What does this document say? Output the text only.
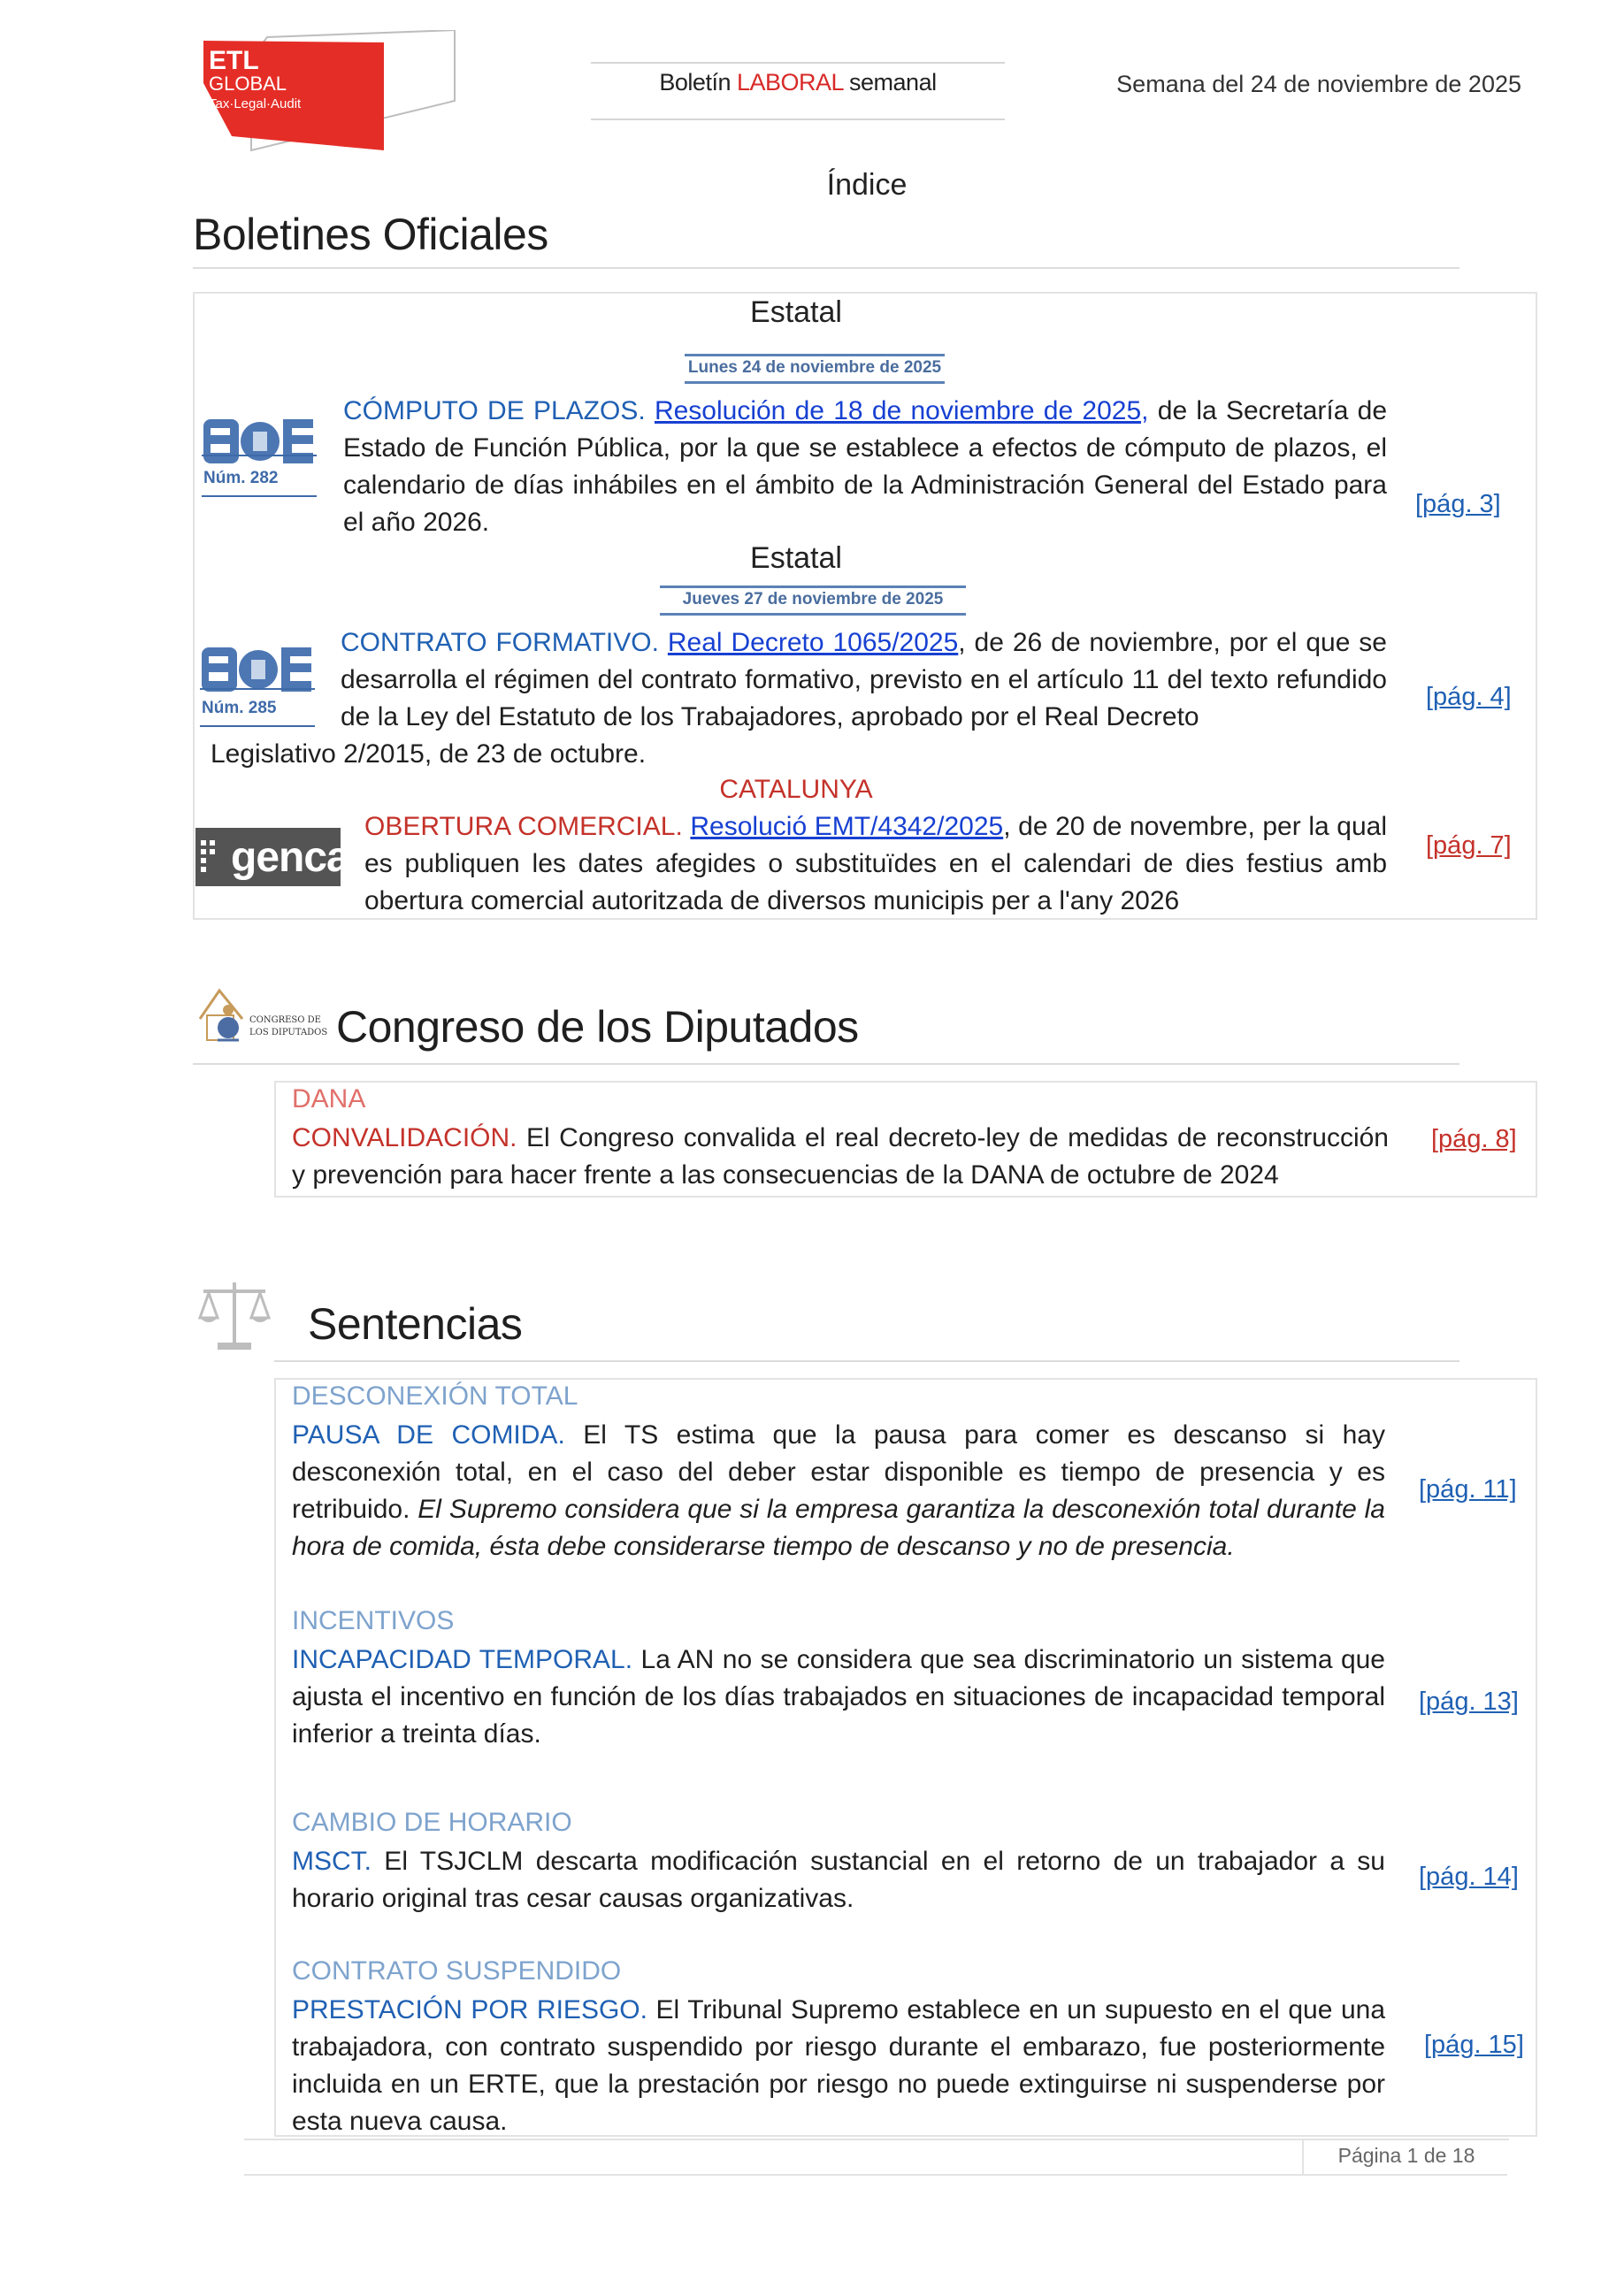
ETL
GLOBAL
Tax·Legal·Audit
Boletín LABORAL semanal	Semana del 24 de noviembre de 2025
Índice
Boletines Oficiales
Estatal
Lunes 24 de noviembre de 2025
Núm. 282
CÓMPUTO DE PLAZOS. Resolución de 18 de noviembre de 2025, de la Secretaría de Estado de Función Pública, por la que se establece a efectos de cómputo de plazos, el calendario de días inhábiles en el ámbito de la Administración General del Estado para el año 2026.
[pág. 3]
Estatal
Jueves 27 de noviembre de 2025
Núm. 285
CONTRATO FORMATIVO. Real Decreto 1065/2025, de 26 de noviembre, por el que se desarrolla el régimen del contrato formativo, previsto en el artículo 11 del texto refundido de la Ley del Estatuto de los Trabajadores, aprobado por el Real Decreto
Legislativo 2/2015, de 23 de octubre.
[pág. 4]
CATALUNYA
gencat
OBERTURA COMERCIAL. Resolució EMT/4342/2025, de 20 de novembre, per la qual es publiquen les dates afegides o substituïdes en el calendari de dies festius amb obertura comercial autoritzada de diversos municipis per a l'any 2026
[pág. 7]
CONGRESO DE
LOS DIPUTADOS Congreso de los Diputados
DANA
CONVALIDACIÓN. El Congreso convalida el real decreto-ley de medidas de reconstrucción y prevención para hacer frente a las consecuencias de la DANA de octubre de 2024
[pág. 8]
Sentencias
DESCONEXIÓN TOTAL
PAUSA DE COMIDA. El TS estima que la pausa para comer es descanso si hay desconexión total, en el caso del deber estar disponible es tiempo de presencia y es retribuido. El Supremo considera que si la empresa garantiza la desconexión total durante la hora de comida, ésta debe considerarse tiempo de descanso y no de presencia.
[pág. 11]
INCENTIVOS
INCAPACIDAD TEMPORAL. La AN no se considera que sea discriminatorio un sistema que ajusta el incentivo en función de los días trabajados en situaciones de incapacidad temporal inferior a treinta días.
[pág. 13]
CAMBIO DE HORARIO
MSCT. El TSJCLM descarta modificación sustancial en el retorno de un trabajador a su horario original tras cesar causas organizativas.
[pág. 14]
CONTRATO SUSPENDIDO
PRESTACIÓN POR RIESGO. El Tribunal Supremo establece en un supuesto en el que una trabajadora, con contrato suspendido por riesgo durante el embarazo, fue posteriormente incluida en un ERTE, que la prestación por riesgo no puede extinguirse ni suspenderse por esta nueva causa.
[pág. 15]
Página 1 de 18
